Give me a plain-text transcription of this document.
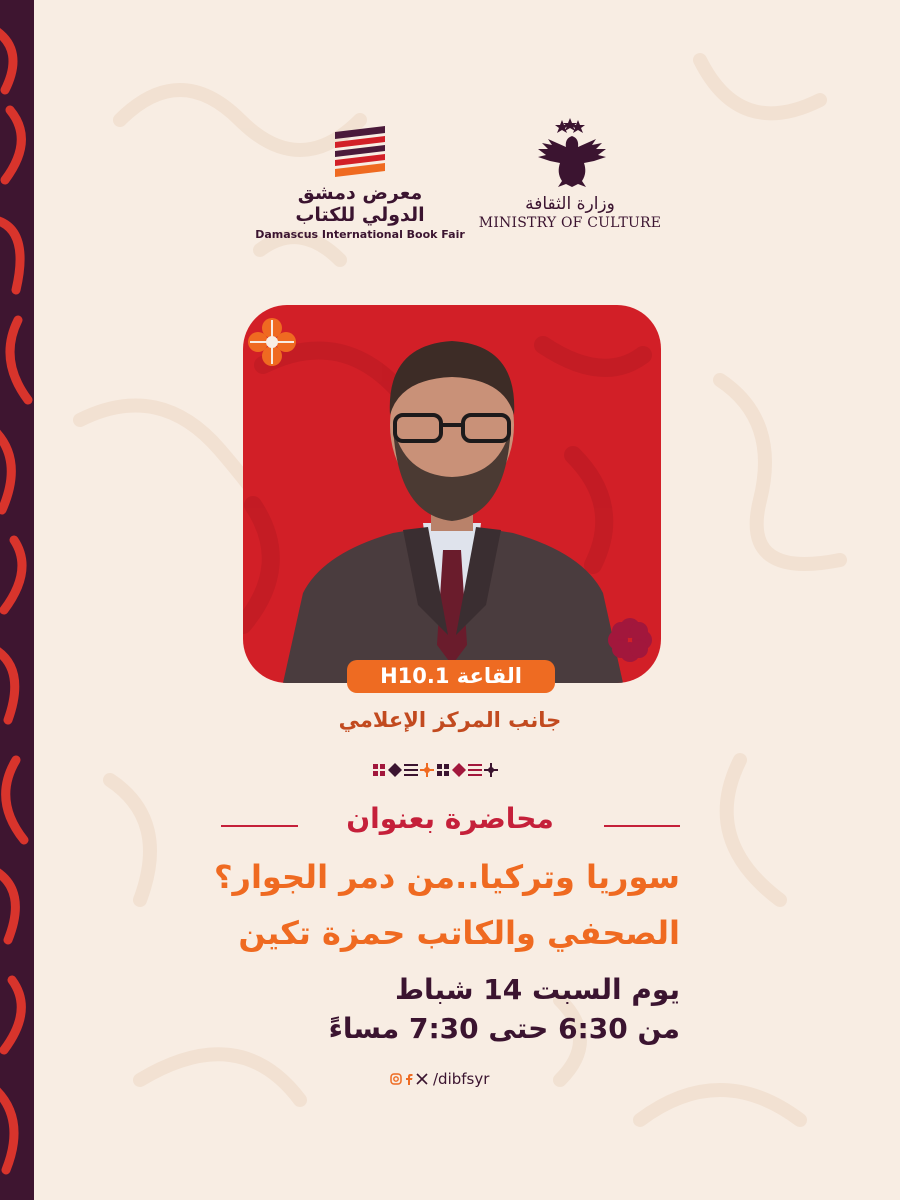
وزارة الثقافة
MINISTRY OF CULTURE
معرض دمشق
الدولي للكتاب
Damascus International Book Fair
القاعة H10.1
جانب المركز الإعلامي
محاضرة بعنوان
سوريا وتركيا..من دمر الجوار؟
الصحفي والكاتب حمزة تكين
يوم السبت 14 شباط
من 6:30 حتى 7:30 مساءً
/dibfsyr
